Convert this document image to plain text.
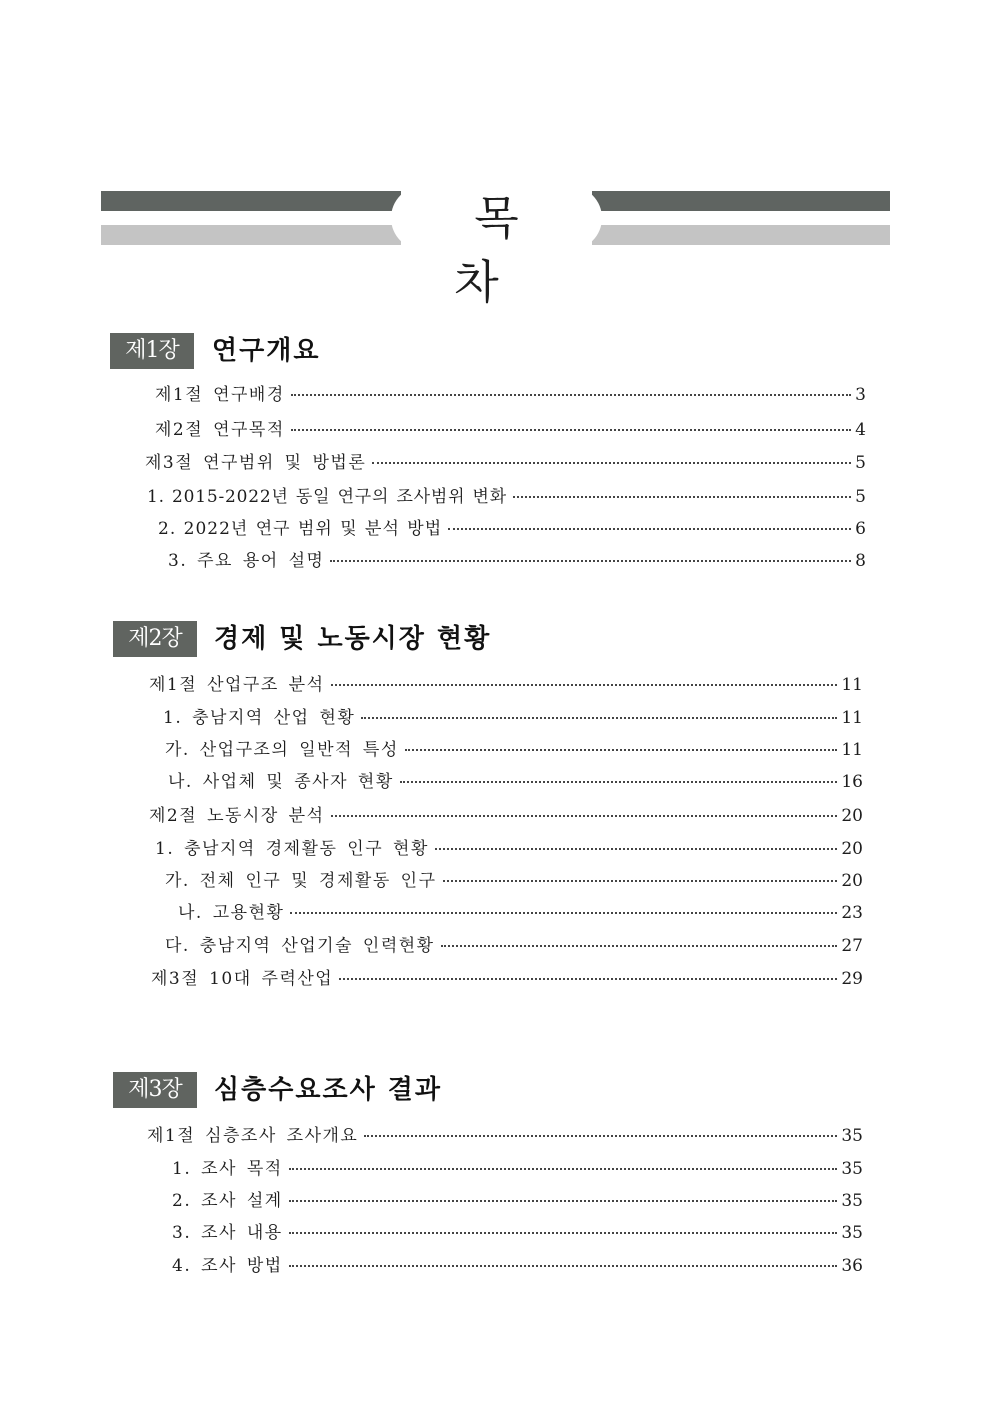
목 차
제1장	연구개요
제1절 연구배경	3
제2절 연구목적	4
제3절 연구범위 및 방법론	5
1. 2015-2022년 동일 연구의 조사범위 변화	5
2. 2022년 연구 범위 및 분석 방법	6
3. 주요 용어 설명	8
제2장	경제 및 노동시장 현황
제1절 산업구조 분석	11
1. 충남지역 산업 현황	11
가. 산업구조의 일반적 특성	11
나. 사업체 및 종사자 현황	16
제2절 노동시장 분석	20
1. 충남지역 경제활동 인구 현황	20
가. 전체 인구 및 경제활동 인구	20
나. 고용현황	23
다. 충남지역 산업기술 인력현황	27
제3절 10대 주력산업	29
제3장	심층수요조사 결과
제1절 심층조사 조사개요	35
1. 조사 목적	35
2. 조사 설계	35
3. 조사 내용	35
4. 조사 방법	36
